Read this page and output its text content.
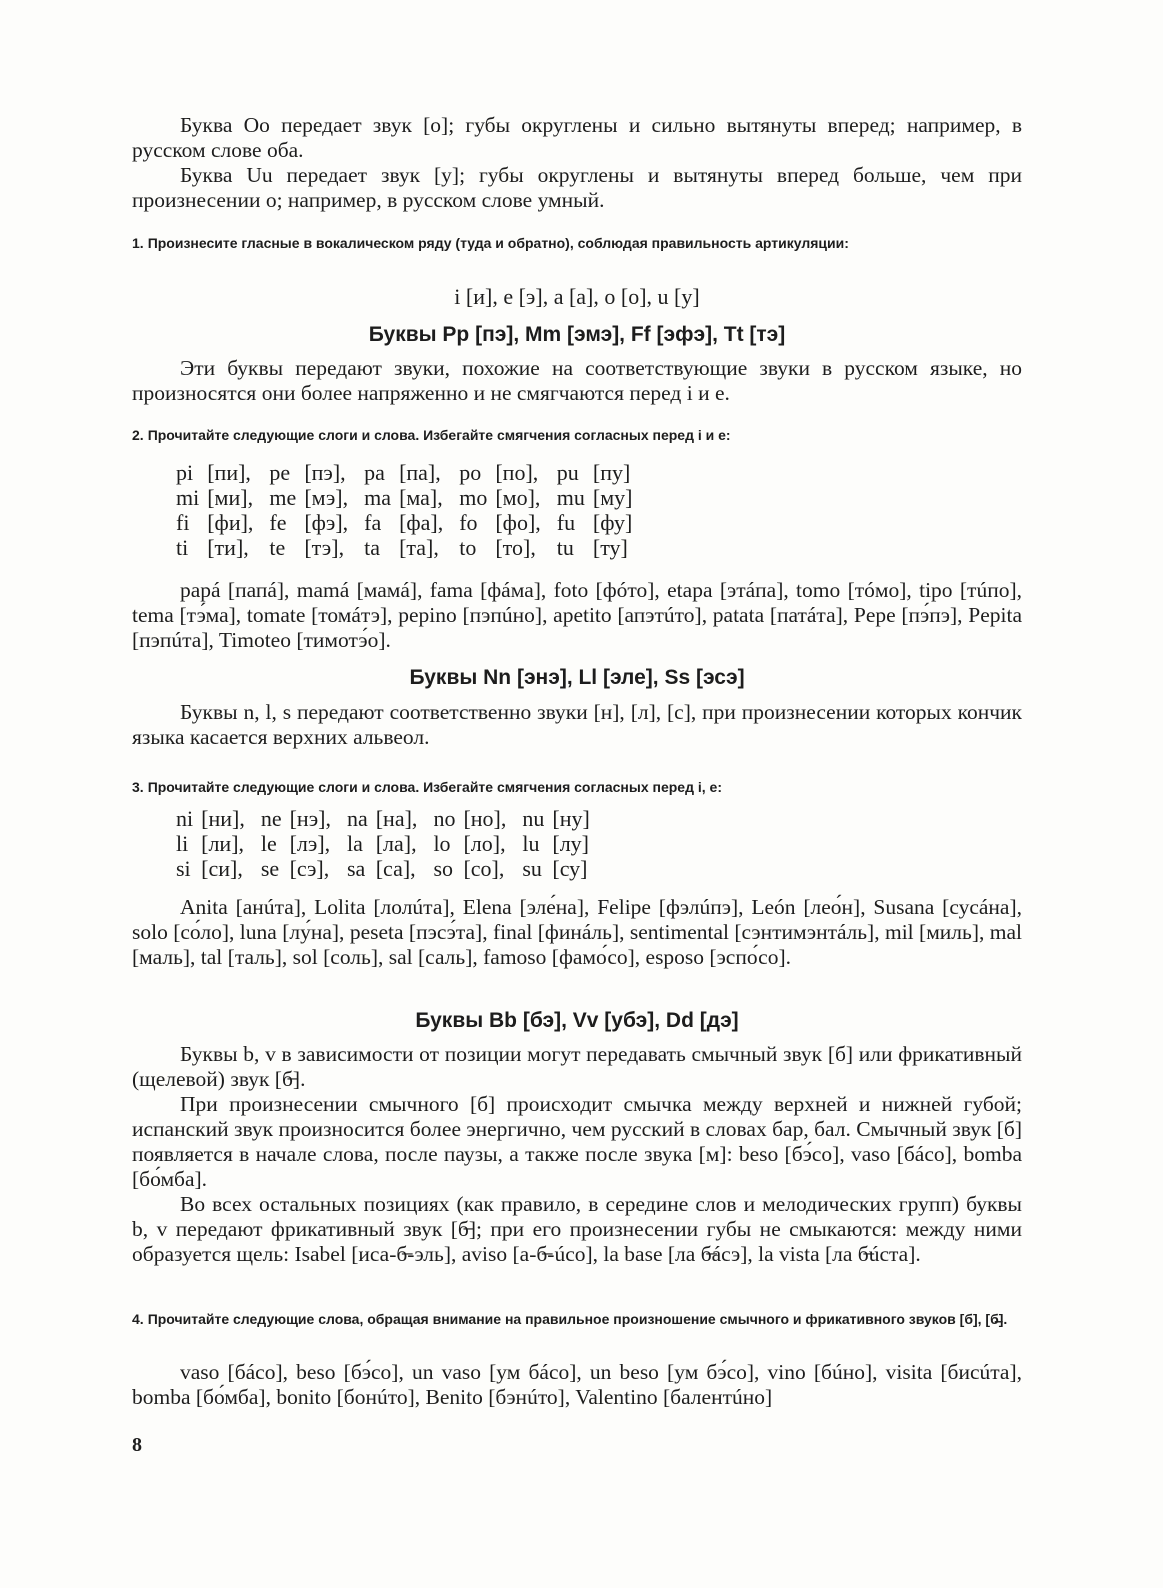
Буква Oo передает звук [o]; губы округлены и сильно вытянуты вперед; например, в русском слове оба.

Буква Uu передает звук [у]; губы округлены и вытянуты вперед больше, чем при произнесении o; например, в русском слове умный.

1. Произнесите гласные в вокалическом ряду (туда и обратно), соблюдая правильность артикуляции:

i [и], e [э], a [a], o [o], u [у]

Буквы Pp [пэ], Mm [эмэ], Ff [эфэ], Tt [тэ]

Эти буквы передают звуки, похожие на соответствующие звуки в русском языке, но произносятся они более напряженно и не смягчаются перед i и e.

2. Прочитайте следующие слоги и слова. Избегайте смягчения согласных перед i и e:

pi	[пи],	pe	[пэ],	pa	[па],	po	[по],	pu	[пу]
mi	[ми],	me	[мэ],	ma	[ма],	mo	[мо],	mu	[му]
fi	[фи],	fe	[фэ],	fa	[фа],	fo	[фо],	fu	[фу]
ti	[ти],	te	[тэ],	ta	[та],	to	[то],	tu	[ту]

papá [папá], mamá [мамá], fama [фáма], foto [фóто], etapa [этáпа], tomo [тóмо], tipo [тúпо], tema [тэ́ма], tomate [томáтэ], pepino [пэпúно], apetito [апэтúто], patata [патáта], Pepe [пэ́пэ], Pepita [пэпúта], Timoteo [тимотэ́о].

Буквы Nn [энэ], Ll [эле], Ss [эсэ]

Буквы n, l, s передают соответственно звуки [н], [л], [c], при произнесении которых кончик языка касается верхних альвеол.

3. Прочитайте следующие слоги и слова. Избегайте смягчения согласных перед i, e:

ni	[ни],	ne	[нэ],	na	[на],	no	[но],	nu	[ну]
li	[ли],	le	[лэ],	la	[ла],	lo	[ло],	lu	[лу]
si	[си],	se	[сэ],	sa	[са],	so	[со],	su	[су]

Anita [анúта], Lolita [лолúта], Elena [эле́на], Felipe [фэлúпэ], León [лео́н], Susana [сусáна], solo [со́ло], luna [лу́на], peseta [пэсэ́та], final [финáль], sentimental [сэнтимэнтáль], mil [миль], mal [маль], tal [таль], sol [соль], sal [саль], famoso [фамо́со], esposo [эспо́со].

Буквы Bb [бэ], Vv [убэ], Dd [дэ]

Буквы b, v в зависимости от позиции могут передавать смычный звук [б] или фрикативный (щелевой) звук [б̶].

При произнесении смычного [б] происходит смычка между верхней и нижней губой; испанский звук произносится более энергично, чем русский в словах бар, бал. Смычный звук [б] появляется в начале слова, после паузы, а также после звука [м]: beso [бэ́со], vaso [бáсо], bomba [бо́мба].

Во всех остальных позициях (как правило, в середине слов и мелодических групп) буквы b, v передают фрикативный звук [б̶]; при его произнесении губы не смыкаются: между ними образуется щель: Isabel [иса-б̶-эль], aviso [а-б̶-úсо], la base [ла б̶áсэ], la vista [ла б̶úста].

4. Прочитайте следующие слова, обращая внимание на правильное произношение смычного и фрикативного звуков [б], [б̶].

vaso [бáсо], beso [бэ́со], un vaso [ум бáсо], un beso [ум бэ́со], vino [бúно], visita [бисúта], bomba [бо́мба], bonito [бонúто], Benito [бэнúто], Valentino [балентúно]

8
